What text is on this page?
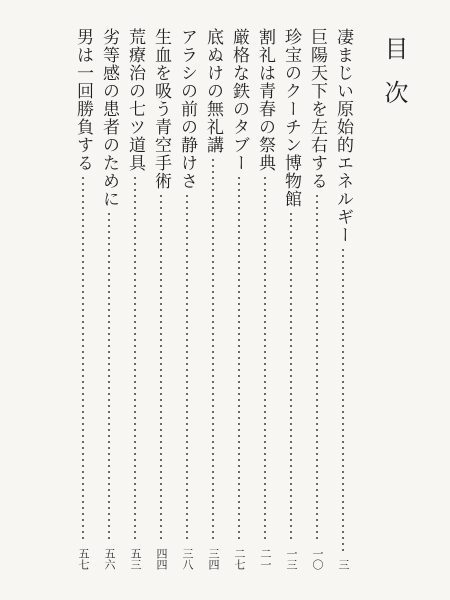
目次
凄まじい原始的エネルギー
三
巨陽天下を左右する
一〇
珍宝のクーチン博物館
一三
割礼は青春の祭典
二一
厳格な鉄のタブー
二七
底ぬけの無礼講
三四
アラシの前の静けさ
三八
生血を吸う青空手術
四四
荒療治の七ツ道具
五三
劣等感の患者のために
五六
男は一回勝負する
五七
